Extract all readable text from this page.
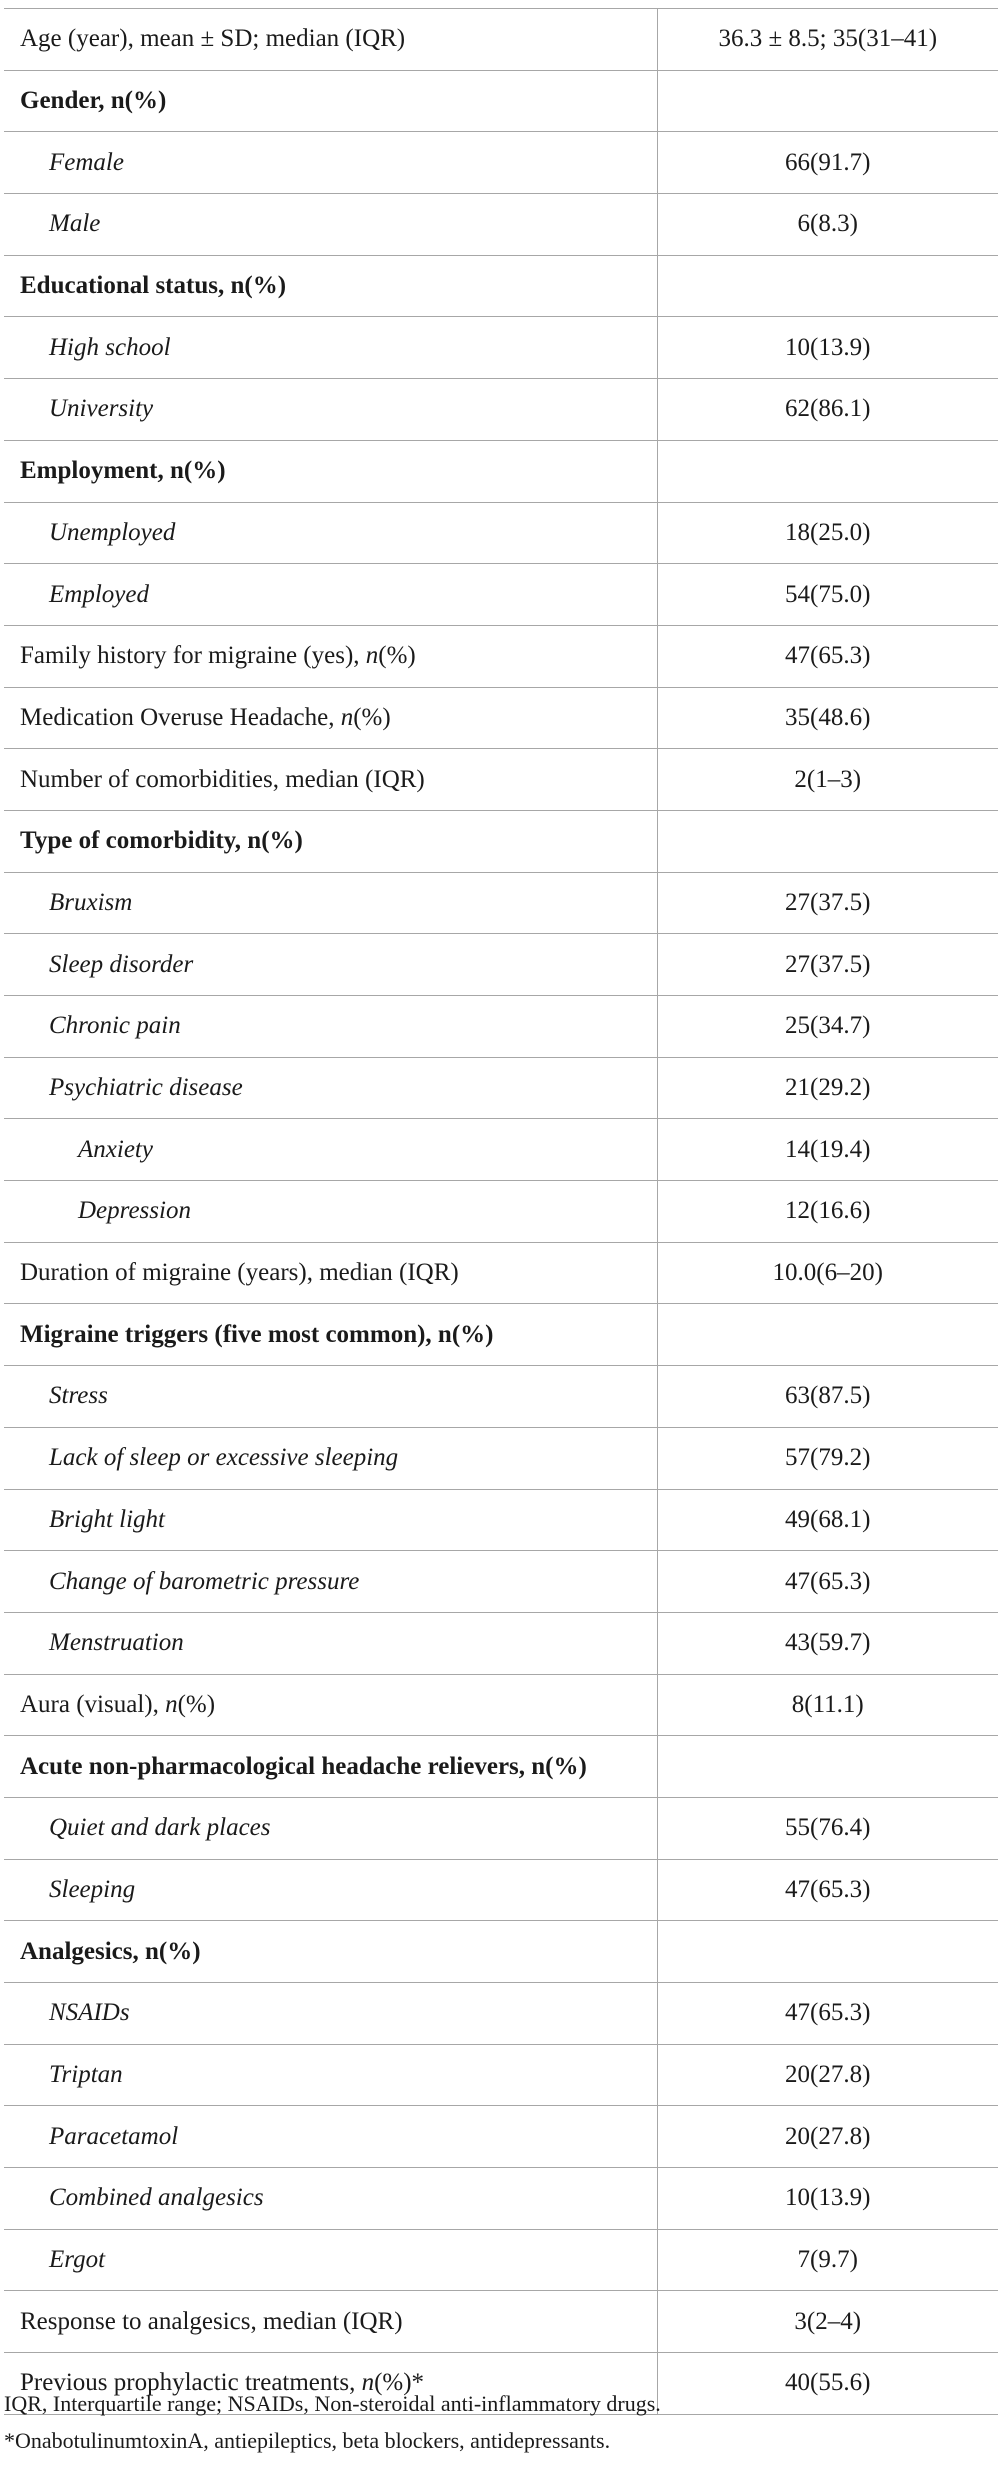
Age (year), mean ± SD; median (IQR)	36.3 ± 8.5; 35(31–41)
Gender, n(%)	
Female	66(91.7)
Male	6(8.3)
Educational status, n(%)	
High school	10(13.9)
University	62(86.1)
Employment, n(%)	
Unemployed	18(25.0)
Employed	54(75.0)
Family history for migraine (yes), n(%)	47(65.3)
Medication Overuse Headache, n(%)	35(48.6)
Number of comorbidities, median (IQR)	2(1–3)
Type of comorbidity, n(%)	
Bruxism	27(37.5)
Sleep disorder	27(37.5)
Chronic pain	25(34.7)
Psychiatric disease	21(29.2)
Anxiety	14(19.4)
Depression	12(16.6)
Duration of migraine (years), median (IQR)	10.0(6–20)
Migraine triggers (five most common), n(%)	
Stress	63(87.5)
Lack of sleep or excessive sleeping	57(79.2)
Bright light	49(68.1)
Change of barometric pressure	47(65.3)
Menstruation	43(59.7)
Aura (visual), n(%)	8(11.1)
Acute non-pharmacological headache relievers, n(%)	
Quiet and dark places	55(76.4)
Sleeping	47(65.3)
Analgesics, n(%)	
NSAIDs	47(65.3)
Triptan	20(27.8)
Paracetamol	20(27.8)
Combined analgesics	10(13.9)
Ergot	7(9.7)
Response to analgesics, median (IQR)	3(2–4)
Previous prophylactic treatments, n(%)*	40(55.6)
IQR, Interquartile range; NSAIDs, Non-steroidal anti-inflammatory drugs.
*OnabotulinumtoxinA, antiepileptics, beta blockers, antidepressants.
